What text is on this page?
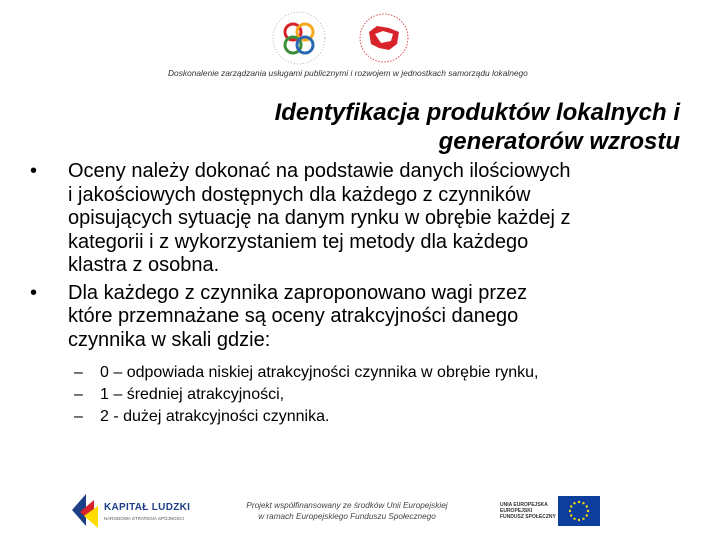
Doskonalenie zarządzania usługami publicznymi i rozwojem w jednostkach samorządu lokalnego
Identyfikacja produktów lokalnych i
generatorów wzrostu
• Oceny należy dokonać na podstawie danych ilościowych
i jakościowych dostępnych dla każdego z czynników
opisujących sytuację na danym rynku w obrębie każdej z
kategorii i z wykorzystaniem tej metody dla każdego
klastra z osobna.
• Dla każdego z czynnika zaproponowano wagi przez
które przemnażane są oceny atrakcyjności danego
czynnika w skali gdzie:
– 0 – odpowiada niskiej atrakcyjności czynnika w obrębie rynku,
– 1 – średniej atrakcyjności,
– 2 - dużej atrakcyjności czynnika.
KAPITAŁ LUDZKI
NARODOWA STRATEGIA SPÓJNOŚCI
Projekt współfinansowany ze środków Unii Europejskiej
w ramach Europejskiego Funduszu Społecznego
UNIA EUROPEJSKA
EUROPEJSKI
FUNDUSZ SPOŁECZNY
